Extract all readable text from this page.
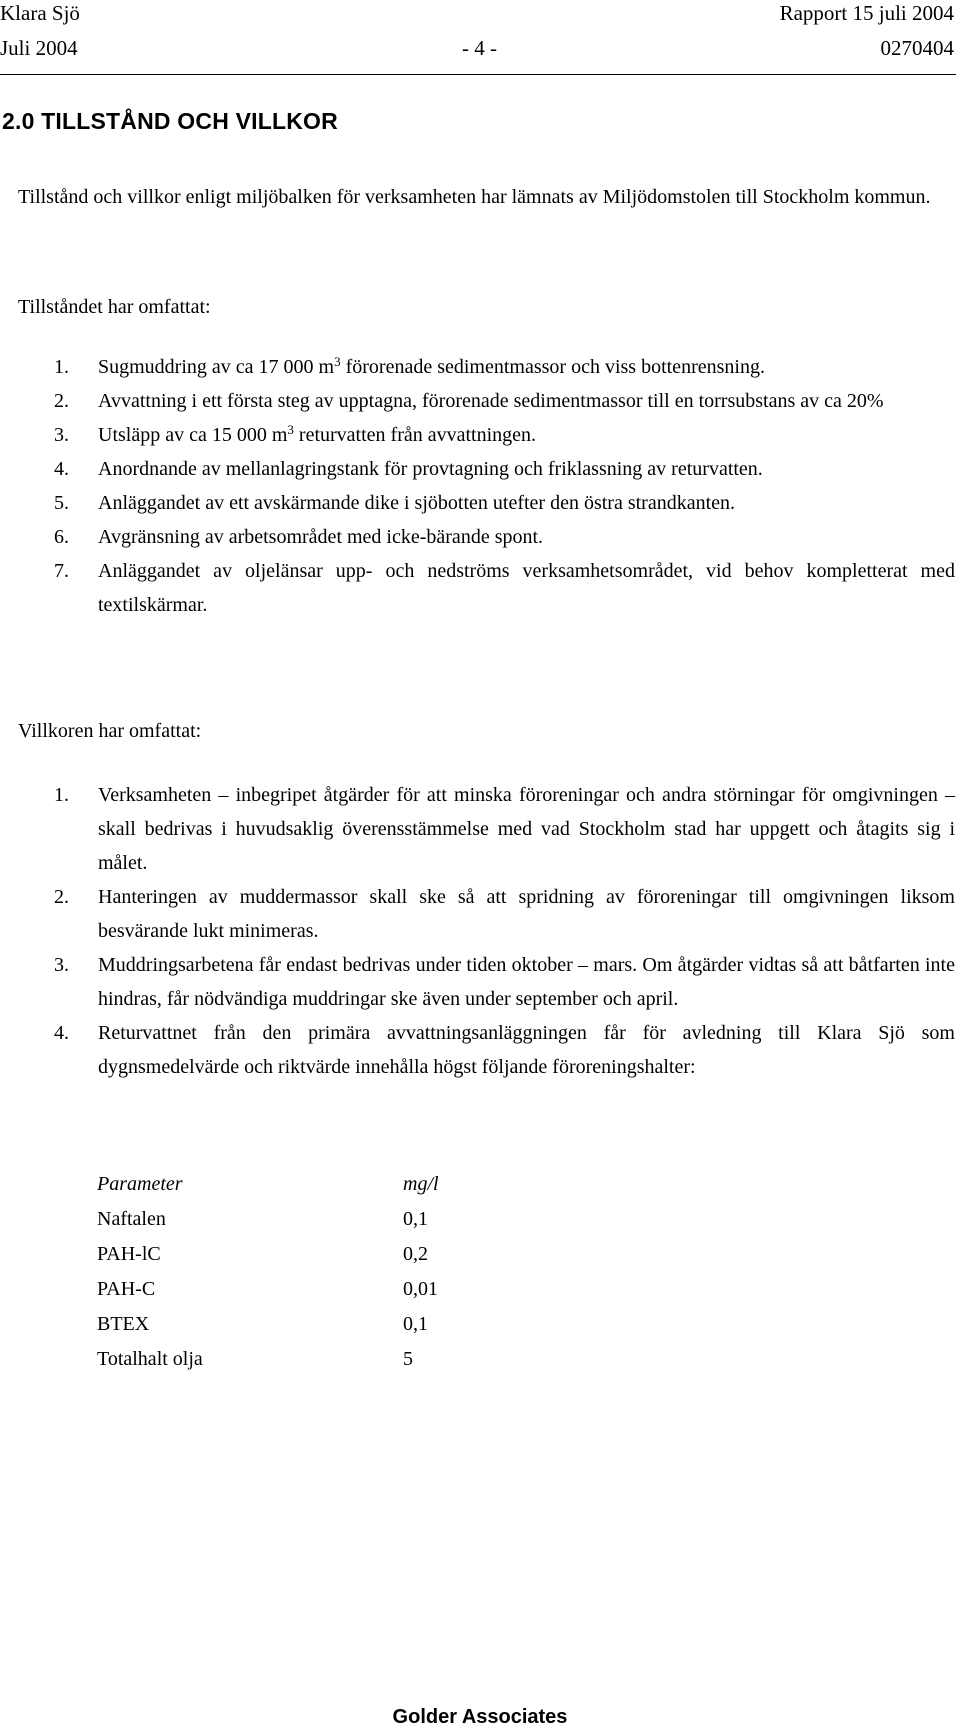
Klara Sjö	Rapport 15 juli 2004
Juli 2004	- 4 -	0270404
2.0 TILLSTÅND OCH VILLKOR

Tillstånd och villkor enligt miljöbalken för verksamheten har lämnats av Miljödomstolen till Stockholm kommun.

Tillståndet har omfattat:

1. Sugmuddring av ca 17 000 $m^3$ förorenade sedimentmassor och viss bottenrensning.
2. Avvattning i ett första steg av upptagna, förorenade sedimentmassor till en torrsubstans av ca 20%
3. Utsläpp av ca 15 000 $m^3$ returvatten från avvattningen.
4. Anordnande av mellanlagringstank för provtagning och friklassning av returvatten.
5. Anläggandet av ett avskärmande dike i sjöbotten utefter den östra strandkanten.
6. Avgränsning av arbetsområdet med icke-bärande spont.
7. Anläggandet av oljelänsar upp- och nedströms verksamhetsområdet, vid behov kompletterat med textilskärmar.

Villkoren har omfattat:

1. Verksamheten – inbegripet åtgärder för att minska föroreningar och andra störningar för omgivningen – skall bedrivas i huvudsaklig överensstämmelse med vad Stockholm stad har uppgett och åtagits sig i målet.
2. Hanteringen av muddermassor skall ske så att spridning av föroreningar till omgivningen liksom besvärande lukt minimeras.
3. Muddringsarbetena får endast bedrivas under tiden oktober – mars. Om åtgärder vidtas så att båtfarten inte hindras, får nödvändiga muddringar ske även under september och april.
4. Returvattnet från den primära avvattningsanläggningen får för avledning till Klara Sjö som dygnsmedelvärde och riktvärde innehålla högst följande föroreningshalter:
Parameter	mg/l
Naftalen	0,1
PAH-lC	0,2
PAH-C	0,01
BTEX	0,1
Totalhalt olja	5
Golder Associates
